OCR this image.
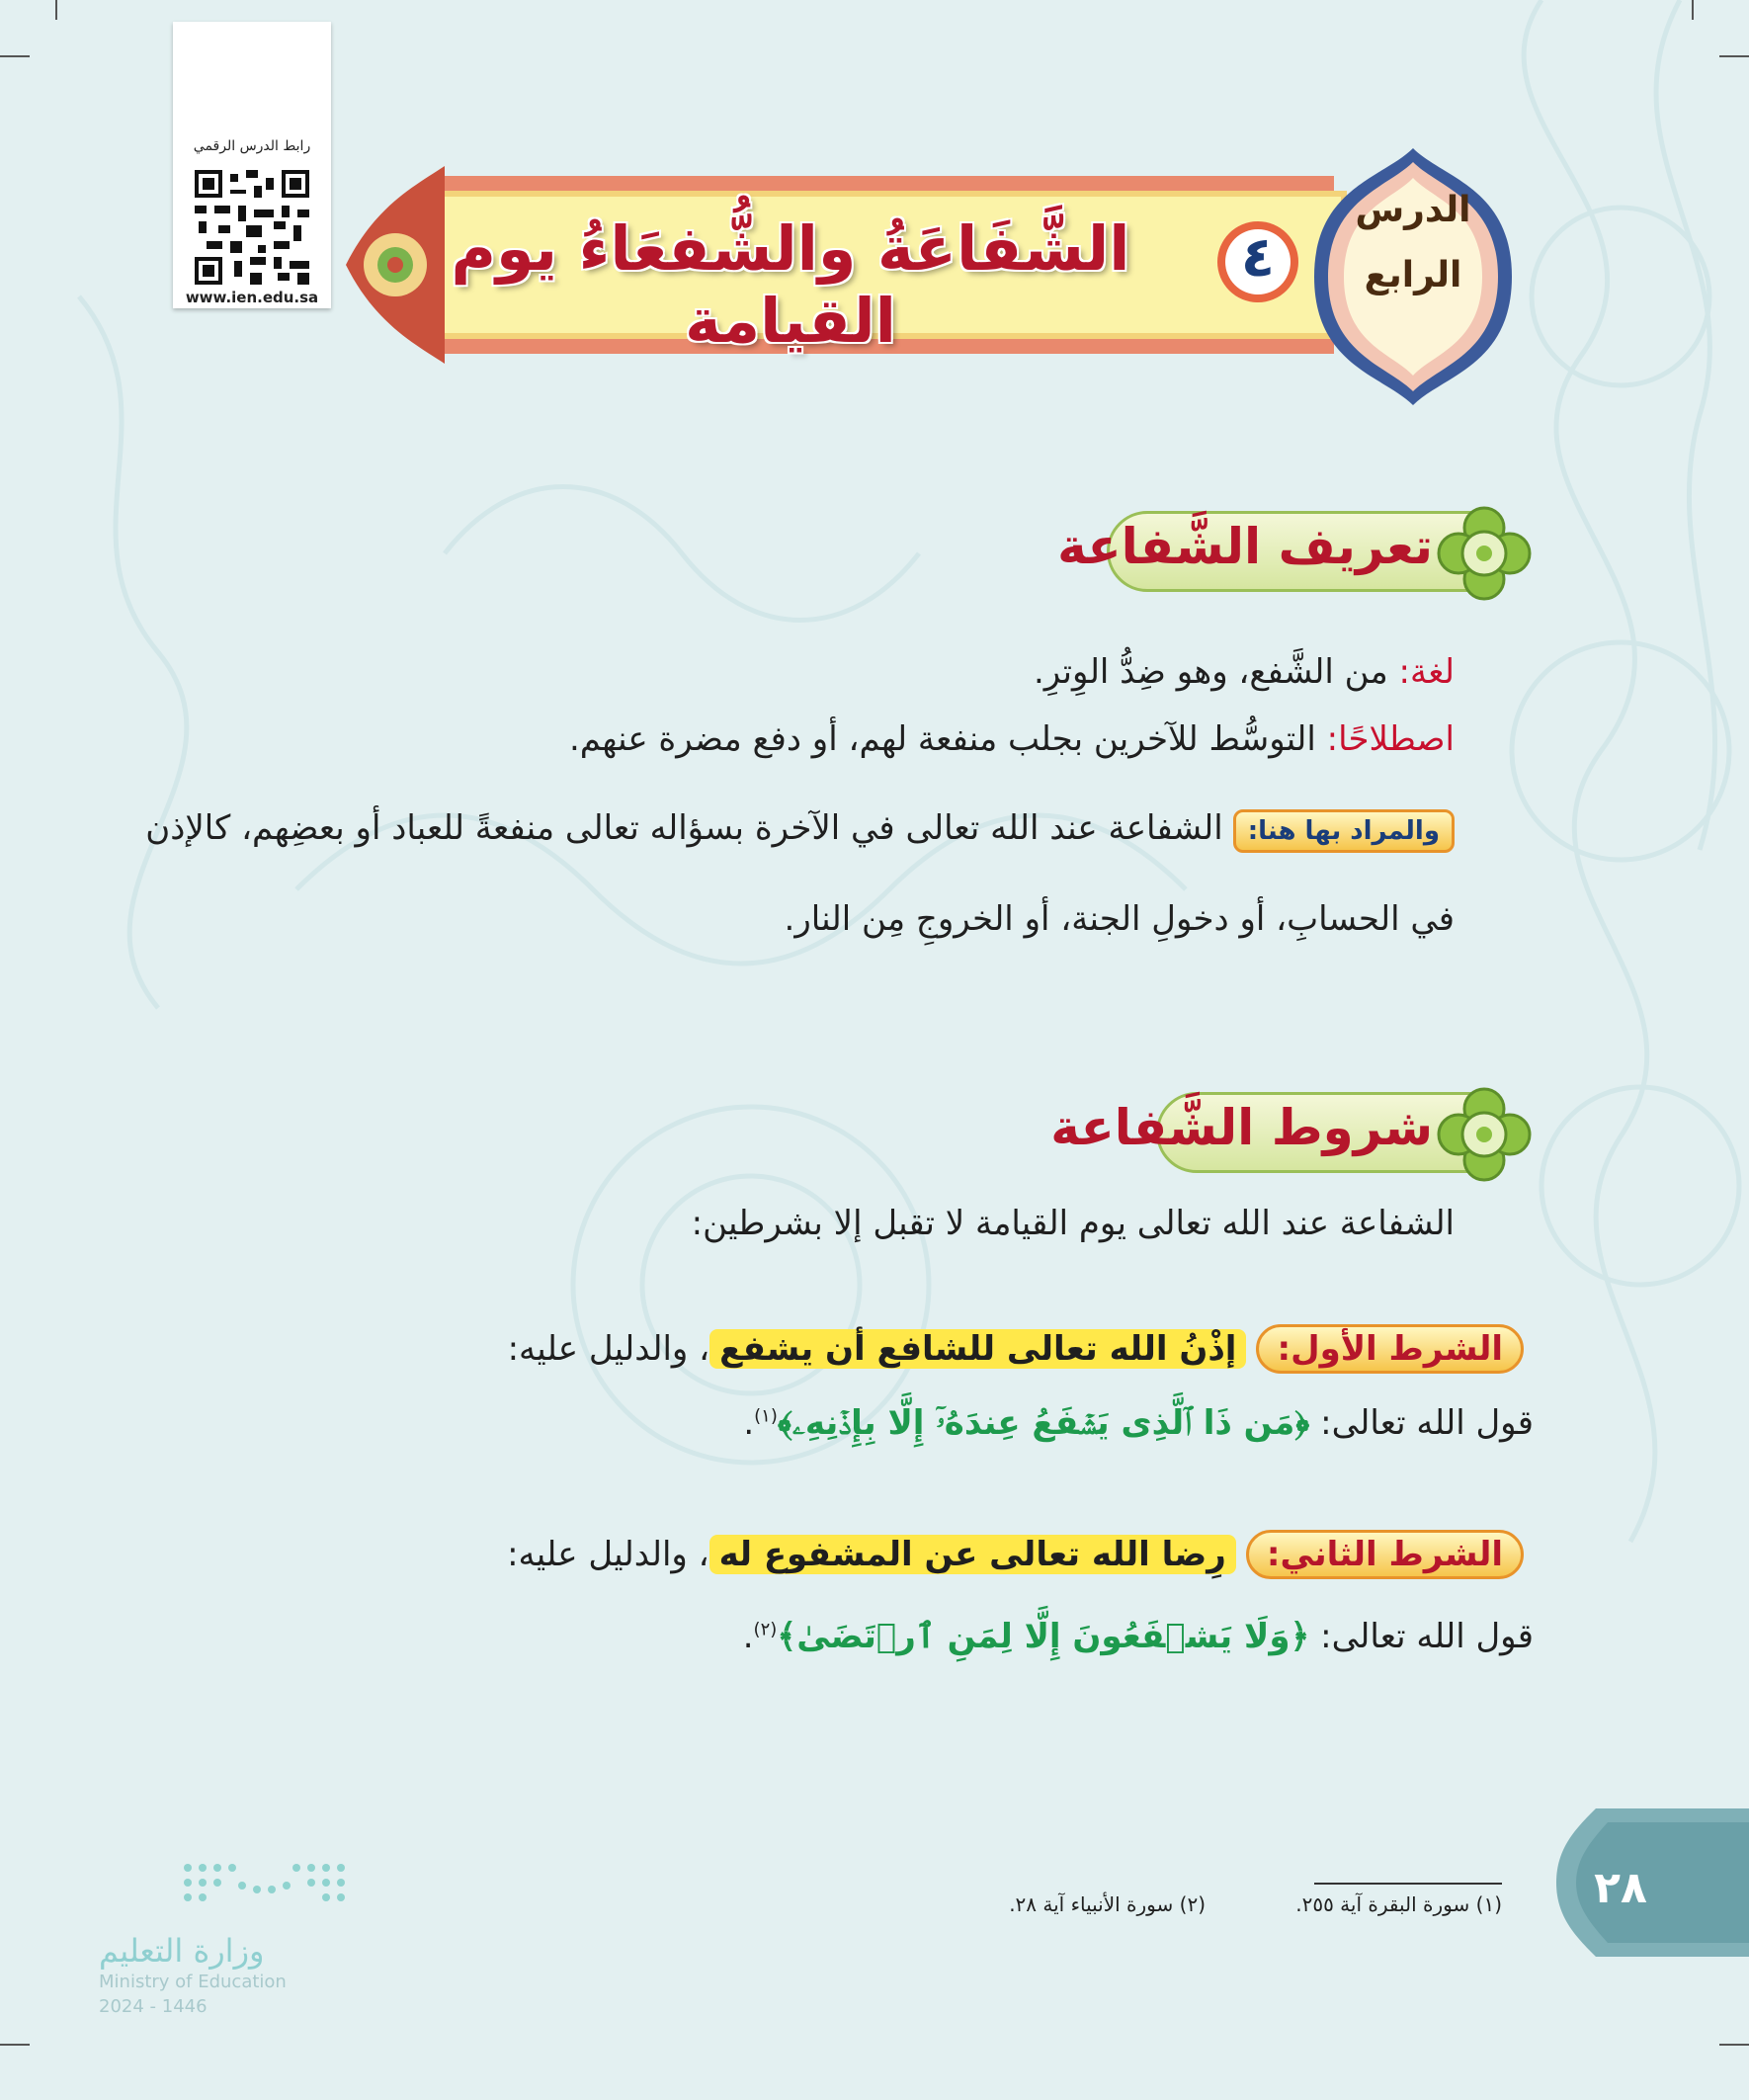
رابط الدرس الرقمي
www.ien.edu.sa
الدرس
الرابع
٤
الشَّفَاعَةُ والشُّفعَاءُ يوم القيامة
تعريف الشَّفاعة
لغة: من الشَّفع، وهو ضِدُّ الوِترِ.
اصطلاحًا: التوسُّط للآخرين بجلب منفعة لهم، أو دفع مضرة عنهم.
والمراد بها هنا:الشفاعة عند الله تعالى في الآخرة بسؤاله تعالى منفعةً للعباد أو بعضِهم، كالإذن
في الحسابِ، أو دخولِ الجنة، أو الخروجِ مِن النار.
شروط الشَّفاعة
الشفاعة عند الله تعالى يوم القيامة لا تقبل إلا بشرطين:
الشرط الأول:إذْنُ الله تعالى للشافع أن يشفع، والدليل عليه:
قول الله تعالى: ﴿مَن ذَا ٱلَّذِى يَشۡفَعُ عِندَهُۥٓ إِلَّا بِإِذۡنِهِۦ﴾$^{(١)}$.
الشرط الثاني:رِضا الله تعالى عن المشفوع له، والدليل عليه:
قول الله تعالى: ﴿وَلَا يَشۡفَعُونَ إِلَّا لِمَنِ ٱرۡتَضَىٰ﴾$^{(٢)}$.
(١) سورة البقرة آية ٢٥٥.
(٢) سورة الأنبياء آية ٢٨.	٢٨
وزارة التعليم
Ministry of Education
2024 - 1446
